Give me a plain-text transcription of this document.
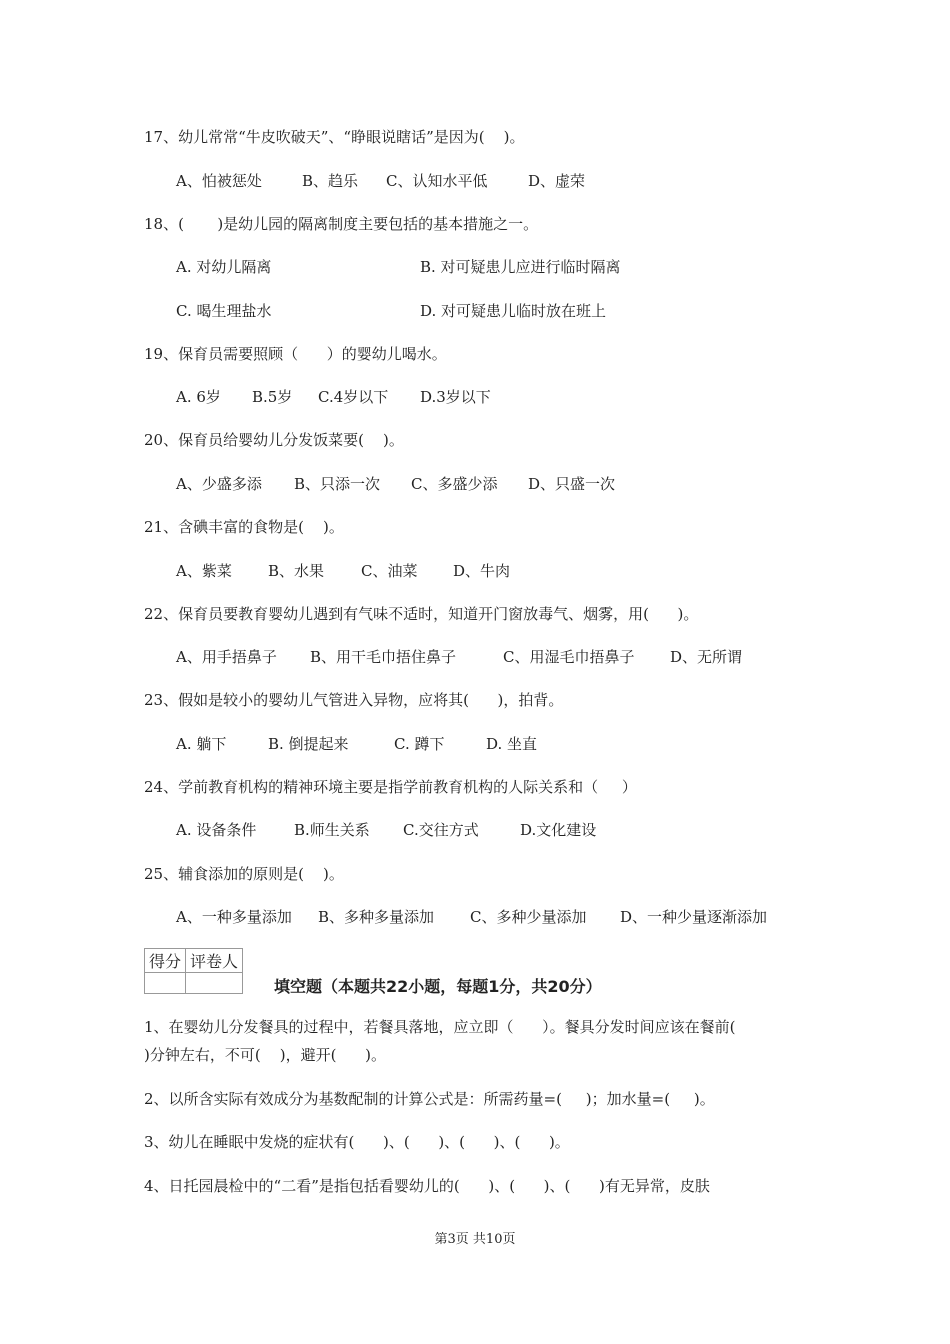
17、幼儿常常“牛皮吹破天”、“睁眼说瞎话”是因为(    )。
A、怕被惩处	B、趋乐 C、认知水平低	D、虚荣
18、(       )是幼儿园的隔离制度主要包括的基本措施之一。
A. 对幼儿隔离	B. 对可疑患儿应进行临时隔离
C. 喝生理盐水	D. 对可疑患儿临时放在班上
19、保育员需要照顾（      ）的婴幼儿喝水。
A. 6岁 B.5岁 C.4岁以下 D.3岁以下
20、保育员给婴幼儿分发饭菜要(    )。
A、少盛多添 B、只添一次 C、多盛少添 D、只盛一次
21、含碘丰富的食物是(    )。
A、紫菜 B、水果 C、油菜 D、牛肉
22、保育员要教育婴幼儿遇到有气味不适时，知道开门窗放毒气、烟雾，用(      )。
A、用手捂鼻子 B、用干毛巾捂住鼻子	C、用湿毛巾捂鼻子 D、无所谓
23、假如是较小的婴幼儿气管进入异物，应将其(      )，拍背。
A. 躺下	B. 倒提起来	C. 蹲下	D. 坐直
24、学前教育机构的精神环境主要是指学前教育机构的人际关系和（     ）
A. 设备条件	B.师生关系 C.交往方式	D.文化建设
25、辅食添加的原则是(    )。
A、一种多量添加 B、多种多量添加 C、多种少量添加 D、一种少量逐渐添加
得分	评卷人

填空题（本题共22小题，每题1分，共20分）
1、在婴幼儿分发餐具的过程中，若餐具落地，应立即（      ）。餐具分发时间应该在餐前(
)分钟左右，不可(    )，避开(      )。
2、以所含实际有效成分为基数配制的计算公式是：所需药量=(     )；加水量=(     )。
3、幼儿在睡眠中发烧的症状有(      )、(      )、(      )、(      )。
4、日托园晨检中的“二看”是指包括看婴幼儿的(      )、(      )、(      )有无异常，皮肤
第3页 共10页
